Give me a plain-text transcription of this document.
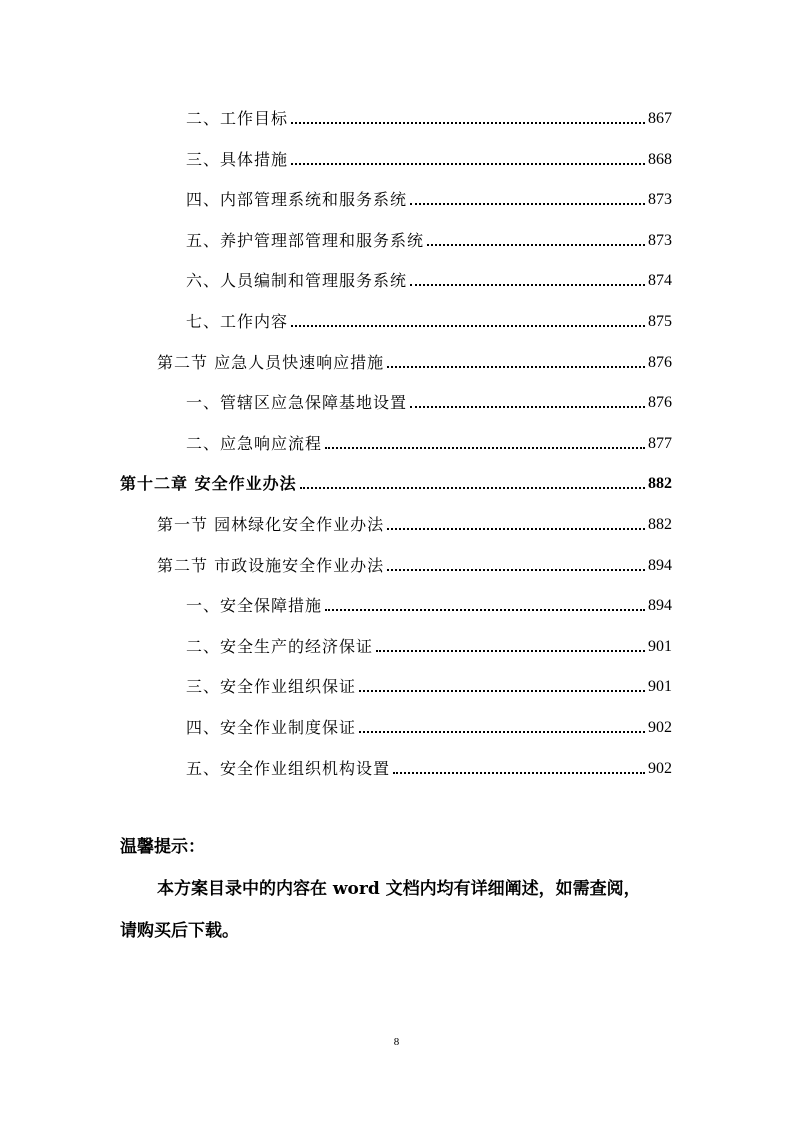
二、工作目标	867
三、具体措施	868
四、内部管理系统和服务系统	873
五、养护管理部管理和服务系统	873
六、人员编制和管理服务系统	874
七、工作内容	875
第二节 应急人员快速响应措施	876
一、管辖区应急保障基地设置	876
二、应急响应流程	877
第十二章 安全作业办法	882
第一节 园林绿化安全作业办法	882
第二节 市政设施安全作业办法	894
一、安全保障措施	894
二、安全生产的经济保证	901
三、安全作业组织保证	901
四、安全作业制度保证	902
五、安全作业组织机构设置	902
温馨提示：
本方案目录中的内容在 word 文档内均有详细阐述，如需查阅，
请购买后下载。
8
